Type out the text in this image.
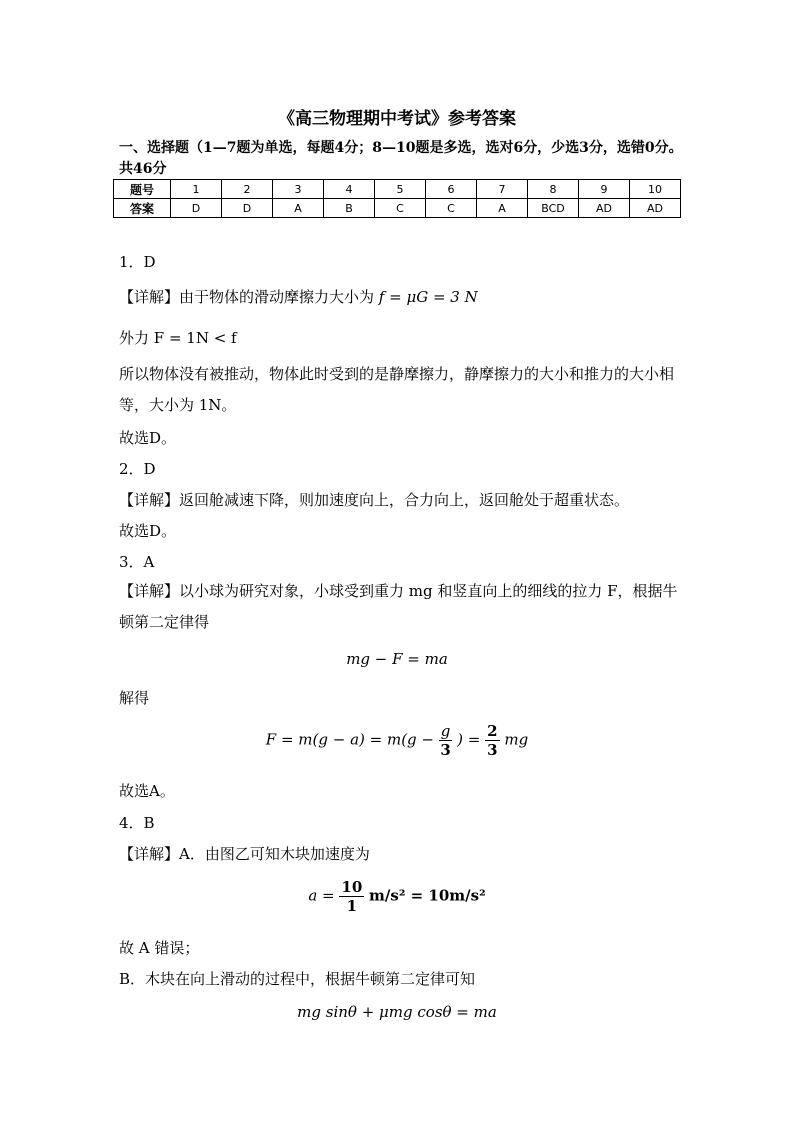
《高三物理期中考试》参考答案
一、选择题（1—7题为单选，每题4分；8—10题是多选，选对6分，少选3分，选错0分。共46分
题号	1	2	3	4	5	6	7	8	9	10
答案	D	D	A	B	C	C	A	BCD	AD	AD
1．D
【详解】由于物体的滑动摩擦力大小为 f = μG = 3 N
外力 F = 1N < f
所以物体没有被推动，物体此时受到的是静摩擦力，静摩擦力的大小和推力的大小相等，大小为 1N。
故选D。
2．D
【详解】返回舱减速下降，则加速度向上，合力向上，返回舱处于超重状态。
故选D。
3．A
【详解】以小球为研究对象，小球受到重力 mg 和竖直向上的细线的拉力 F，根据牛顿第二定律得
mg − F = ma
解得
$F = m(g - a) = m(g - \frac{g}{3}$ ) = $\frac{2}{3}$ mg
故选A。
4．B
【详解】A．由图乙可知木块加速度为
$a = \frac{10}{1} m/s^2 = 10m/s^2$
故 A 错误；
B．木块在向上滑动的过程中，根据牛顿第二定律可知
mg sinθ + μmg cosθ = ma
